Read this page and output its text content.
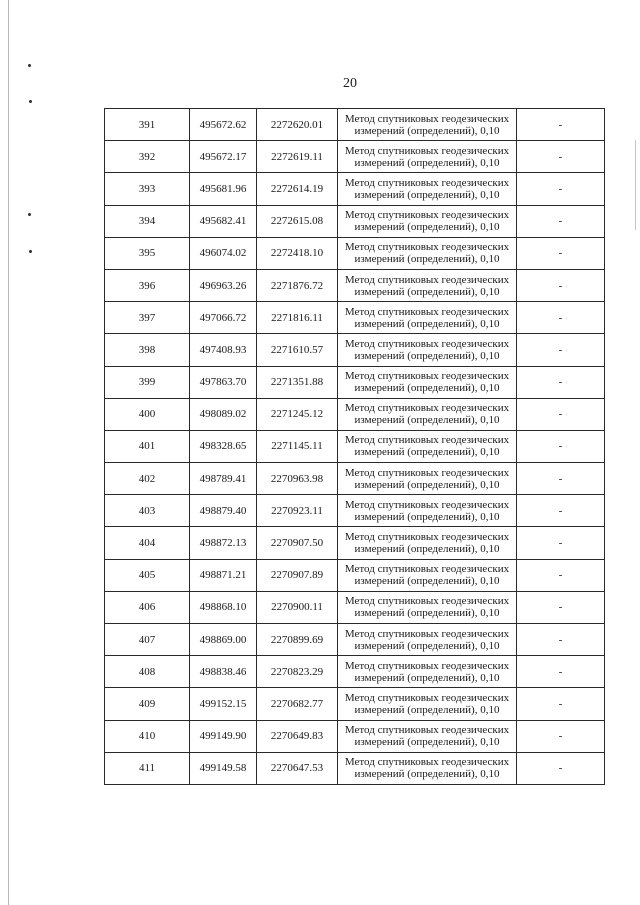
20
391	495672.62	2272620.01	Метод спутниковых геодезических
измерений (определений), 0,10	-
392	495672.17	2272619.11	Метод спутниковых геодезических
измерений (определений), 0,10	-
393	495681.96	2272614.19	Метод спутниковых геодезических
измерений (определений), 0,10	-
394	495682.41	2272615.08	Метод спутниковых геодезических
измерений (определений), 0,10	-
395	496074.02	2272418.10	Метод спутниковых геодезических
измерений (определений), 0,10	-
396	496963.26	2271876.72	Метод спутниковых геодезических
измерений (определений), 0,10	-
397	497066.72	2271816.11	Метод спутниковых геодезических
измерений (определений), 0,10	-
398	497408.93	2271610.57	Метод спутниковых геодезических
измерений (определений), 0,10	-
399	497863.70	2271351.88	Метод спутниковых геодезических
измерений (определений), 0,10	-
400	498089.02	2271245.12	Метод спутниковых геодезических
измерений (определений), 0,10	-
401	498328.65	2271145.11	Метод спутниковых геодезических
измерений (определений), 0,10	-
402	498789.41	2270963.98	Метод спутниковых геодезических
измерений (определений), 0,10	-
403	498879.40	2270923.11	Метод спутниковых геодезических
измерений (определений), 0,10	-
404	498872.13	2270907.50	Метод спутниковых геодезических
измерений (определений), 0,10	-
405	498871.21	2270907.89	Метод спутниковых геодезических
измерений (определений), 0,10	-
406	498868.10	2270900.11	Метод спутниковых геодезических
измерений (определений), 0,10	-
407	498869.00	2270899.69	Метод спутниковых геодезических
измерений (определений), 0,10	-
408	498838.46	2270823.29	Метод спутниковых геодезических
измерений (определений), 0,10	-
409	499152.15	2270682.77	Метод спутниковых геодезических
измерений (определений), 0,10	-
410	499149.90	2270649.83	Метод спутниковых геодезических
измерений (определений), 0,10	-
411	499149.58	2270647.53	Метод спутниковых геодезических
измерений (определений), 0,10	-
